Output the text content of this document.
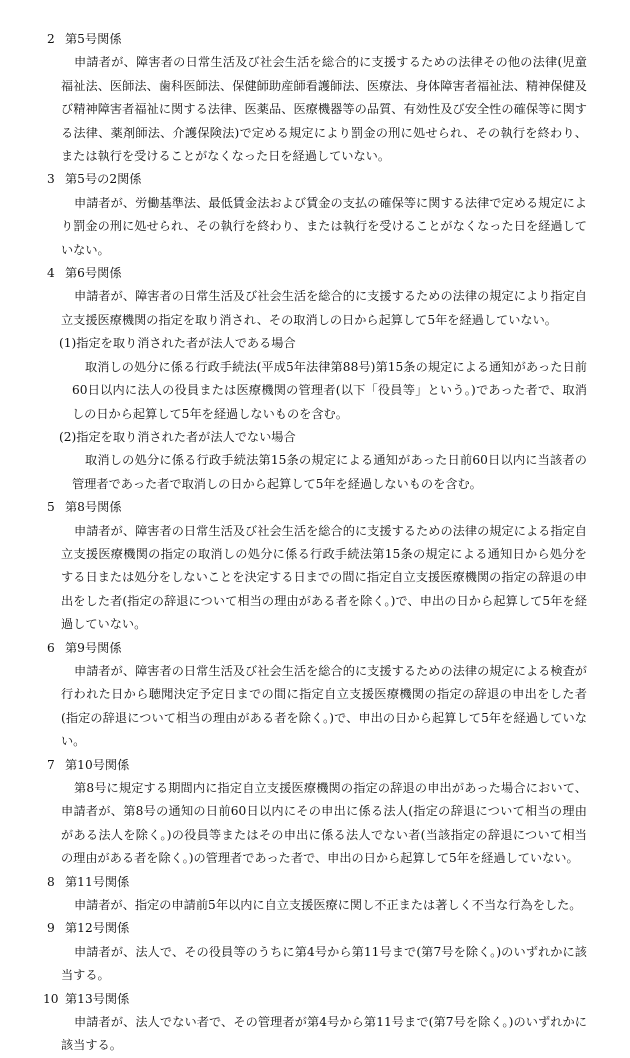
2 第5号関係
申請者が、障害者の日常生活及び社会生活を総合的に支援するための法律その他の法律(児童福祉法、医師法、歯科医師法、保健師助産師看護師法、医療法、身体障害者福祉法、精神保健及び精神障害者福祉に関する法律、医薬品、医療機器等の品質、有効性及び安全性の確保等に関する法律、薬剤師法、介護保険法)で定める規定により罰金の刑に処せられ、その執行を終わり、または執行を受けることがなくなった日を経過していない。
3 第5号の2関係
申請者が、労働基準法、最低賃金法および賃金の支払の確保等に関する法律で定める規定により罰金の刑に処せられ、その執行を終わり、または執行を受けることがなくなった日を経過していない。
4 第6号関係
申請者が、障害者の日常生活及び社会生活を総合的に支援するための法律の規定により指定自立支援医療機関の指定を取り消され、その取消しの日から起算して5年を経過していない。
(1)指定を取り消された者が法人である場合
取消しの処分に係る行政手続法(平成5年法律第88号)第15条の規定による通知があった日前60日以内に法人の役員または医療機関の管理者(以下「役員等」という。)であった者で、取消しの日から起算して5年を経過しないものを含む。
(2)指定を取り消された者が法人でない場合
取消しの処分に係る行政手続法第15条の規定による通知があった日前60日以内に当該者の管理者であった者で取消しの日から起算して5年を経過しないものを含む。
5 第8号関係
申請者が、障害者の日常生活及び社会生活を総合的に支援するための法律の規定による指定自立支援医療機関の指定の取消しの処分に係る行政手続法第15条の規定による通知日から処分をする日または処分をしないことを決定する日までの間に指定自立支援医療機関の指定の辞退の申出をした者(指定の辞退について相当の理由がある者を除く。)で、申出の日から起算して5年を経過していない。
6 第9号関係
申請者が、障害者の日常生活及び社会生活を総合的に支援するための法律の規定による検査が行われた日から聴聞決定予定日までの間に指定自立支援医療機関の指定の辞退の申出をした者(指定の辞退について相当の理由がある者を除く。)で、申出の日から起算して5年を経過していない。
7 第10号関係
第8号に規定する期間内に指定自立支援医療機関の指定の辞退の申出があった場合において、申請者が、第8号の通知の日前60日以内にその申出に係る法人(指定の辞退について相当の理由がある法人を除く。)の役員等またはその申出に係る法人でない者(当該指定の辞退について相当の理由がある者を除く。)の管理者であった者で、申出の日から起算して5年を経過していない。
8 第11号関係
申請者が、指定の申請前5年以内に自立支援医療に関し不正または著しく不当な行為をした。
9 第12号関係
申請者が、法人で、その役員等のうちに第4号から第11号まで(第7号を除く。)のいずれかに該当する。
10 第13号関係
申請者が、法人でない者で、その管理者が第4号から第11号まで(第7号を除く。)のいずれかに該当する。
